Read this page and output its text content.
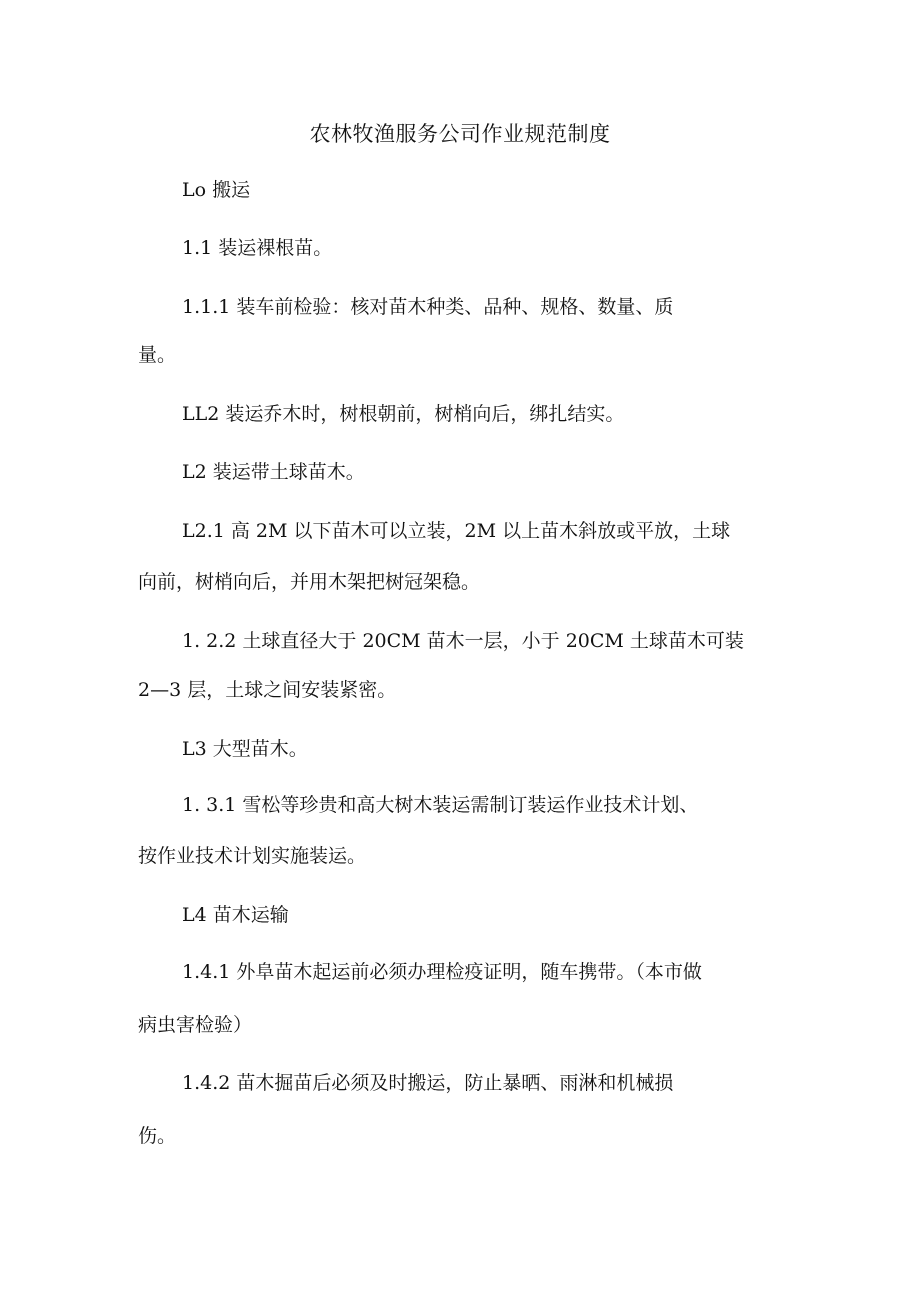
农林牧渔服务公司作业规范制度

Lo 搬运

1.1 装运裸根苗。

1.1.1 装车前检验：核对苗木种类、品种、规格、数量、质
量。

LL2 装运乔木时，树根朝前，树梢向后，绑扎结实。

L2 装运带土球苗木。

L2.1 高 2M 以下苗木可以立装，2M 以上苗木斜放或平放，土球
向前，树梢向后，并用木架把树冠架稳。

1. 2.2 土球直径大于 20CM 苗木一层，小于 20CM 土球苗木可装
2—3 层，土球之间安装紧密。

L3 大型苗木。

1. 3.1 雪松等珍贵和高大树木装运需制订装运作业技术计划、
按作业技术计划实施装运。

L4 苗木运输

1.4.1 外阜苗木起运前必须办理检疫证明，随车携带。（本市做
病虫害检验）

1.4.2 苗木掘苗后必须及时搬运，防止暴晒、雨淋和机械损
伤。
